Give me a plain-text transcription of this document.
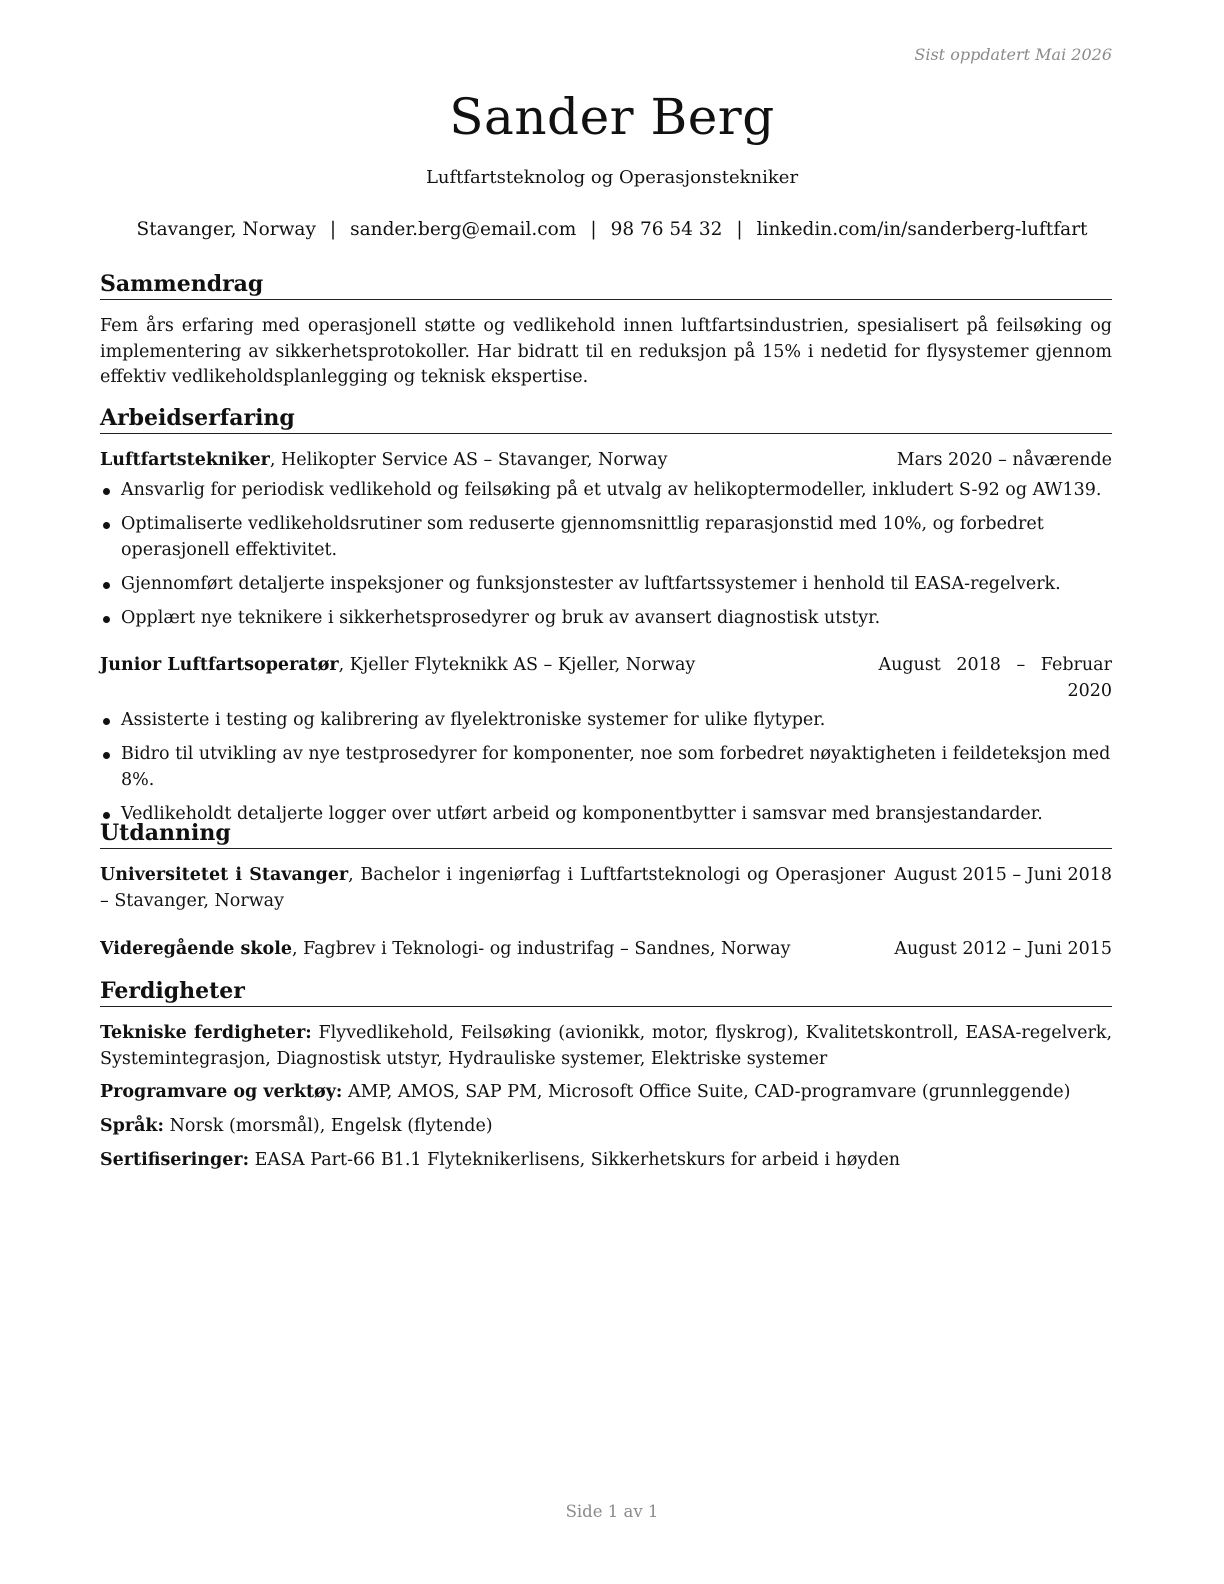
Sist oppdatert Mai 2026
Sander Berg
Luftfartsteknolog og Operasjonstekniker
Stavanger, Norway | sander.berg@email.com | 98 76 54 32 | linkedin.com/in/sanderberg-luftfart
Sammendrag
Fem års erfaring med operasjonell støtte og vedlikehold innen luftfartsindustrien, spesialisert på feilsøking og implementering av sikkerhetsprotokoller. Har bidratt til en reduksjon på 15% i nedetid for flysystemer gjennom effektiv vedlikeholdsplanlegging og teknisk ekspertise.
Arbeidserfaring
Luftfartstekniker, Helikopter Service AS – Stavanger, Norway	Mars 2020 – nåværende
Ansvarlig for periodisk vedlikehold og feilsøking på et utvalg av helikoptermodeller, inkludert S-92 og AW139.
Optimaliserte vedlikeholdsrutiner som reduserte gjennomsnittlig reparasjonstid med 10%, og forbedret operasjonell effektivitet.
Gjennomført detaljerte inspeksjoner og funksjonstester av luftfartssystemer i henhold til EASA-regelverk.
Opplært nye teknikere i sikkerhetsprosedyrer og bruk av avansert diagnostisk utstyr.
Junior Luftfartsoperatør, Kjeller Flyteknikk AS – Kjeller, Norway	August 2018 – Februar
2020
Assisterte i testing og kalibrering av flyelektroniske systemer for ulike flytyper.
Bidro til utvikling av nye testprosedyrer for komponenter, noe som forbedret nøyaktigheten i feildeteksjon med 8%.
Vedlikeholdt detaljerte logger over utført arbeid og komponentbytter i samsvar med bransjestandarder.
Utdanning
Universitetet i Stavanger, Bachelor i ingeniørfag i Luftfartsteknologi og Operasjoner – Stavanger, Norway
August 2015 – Juni 2018
Videregående skole, Fagbrev i Teknologi- og industrifag – Sandnes, Norway	August 2012 – Juni 2015
Ferdigheter
Tekniske ferdigheter: Flyvedlikehold, Feilsøking (avionikk, motor, flyskrog), Kvalitetskontroll, EASA-regelverk, Systemintegrasjon, Diagnostisk utstyr, Hydrauliske systemer, Elektriske systemer
Programvare og verktøy: AMP, AMOS, SAP PM, Microsoft Office Suite, CAD-programvare (grunnleggende)
Språk: Norsk (morsmål), Engelsk (flytende)
Sertifiseringer: EASA Part-66 B1.1 Flyteknikerlisens, Sikkerhetskurs for arbeid i høyden
Side 1 av 1
